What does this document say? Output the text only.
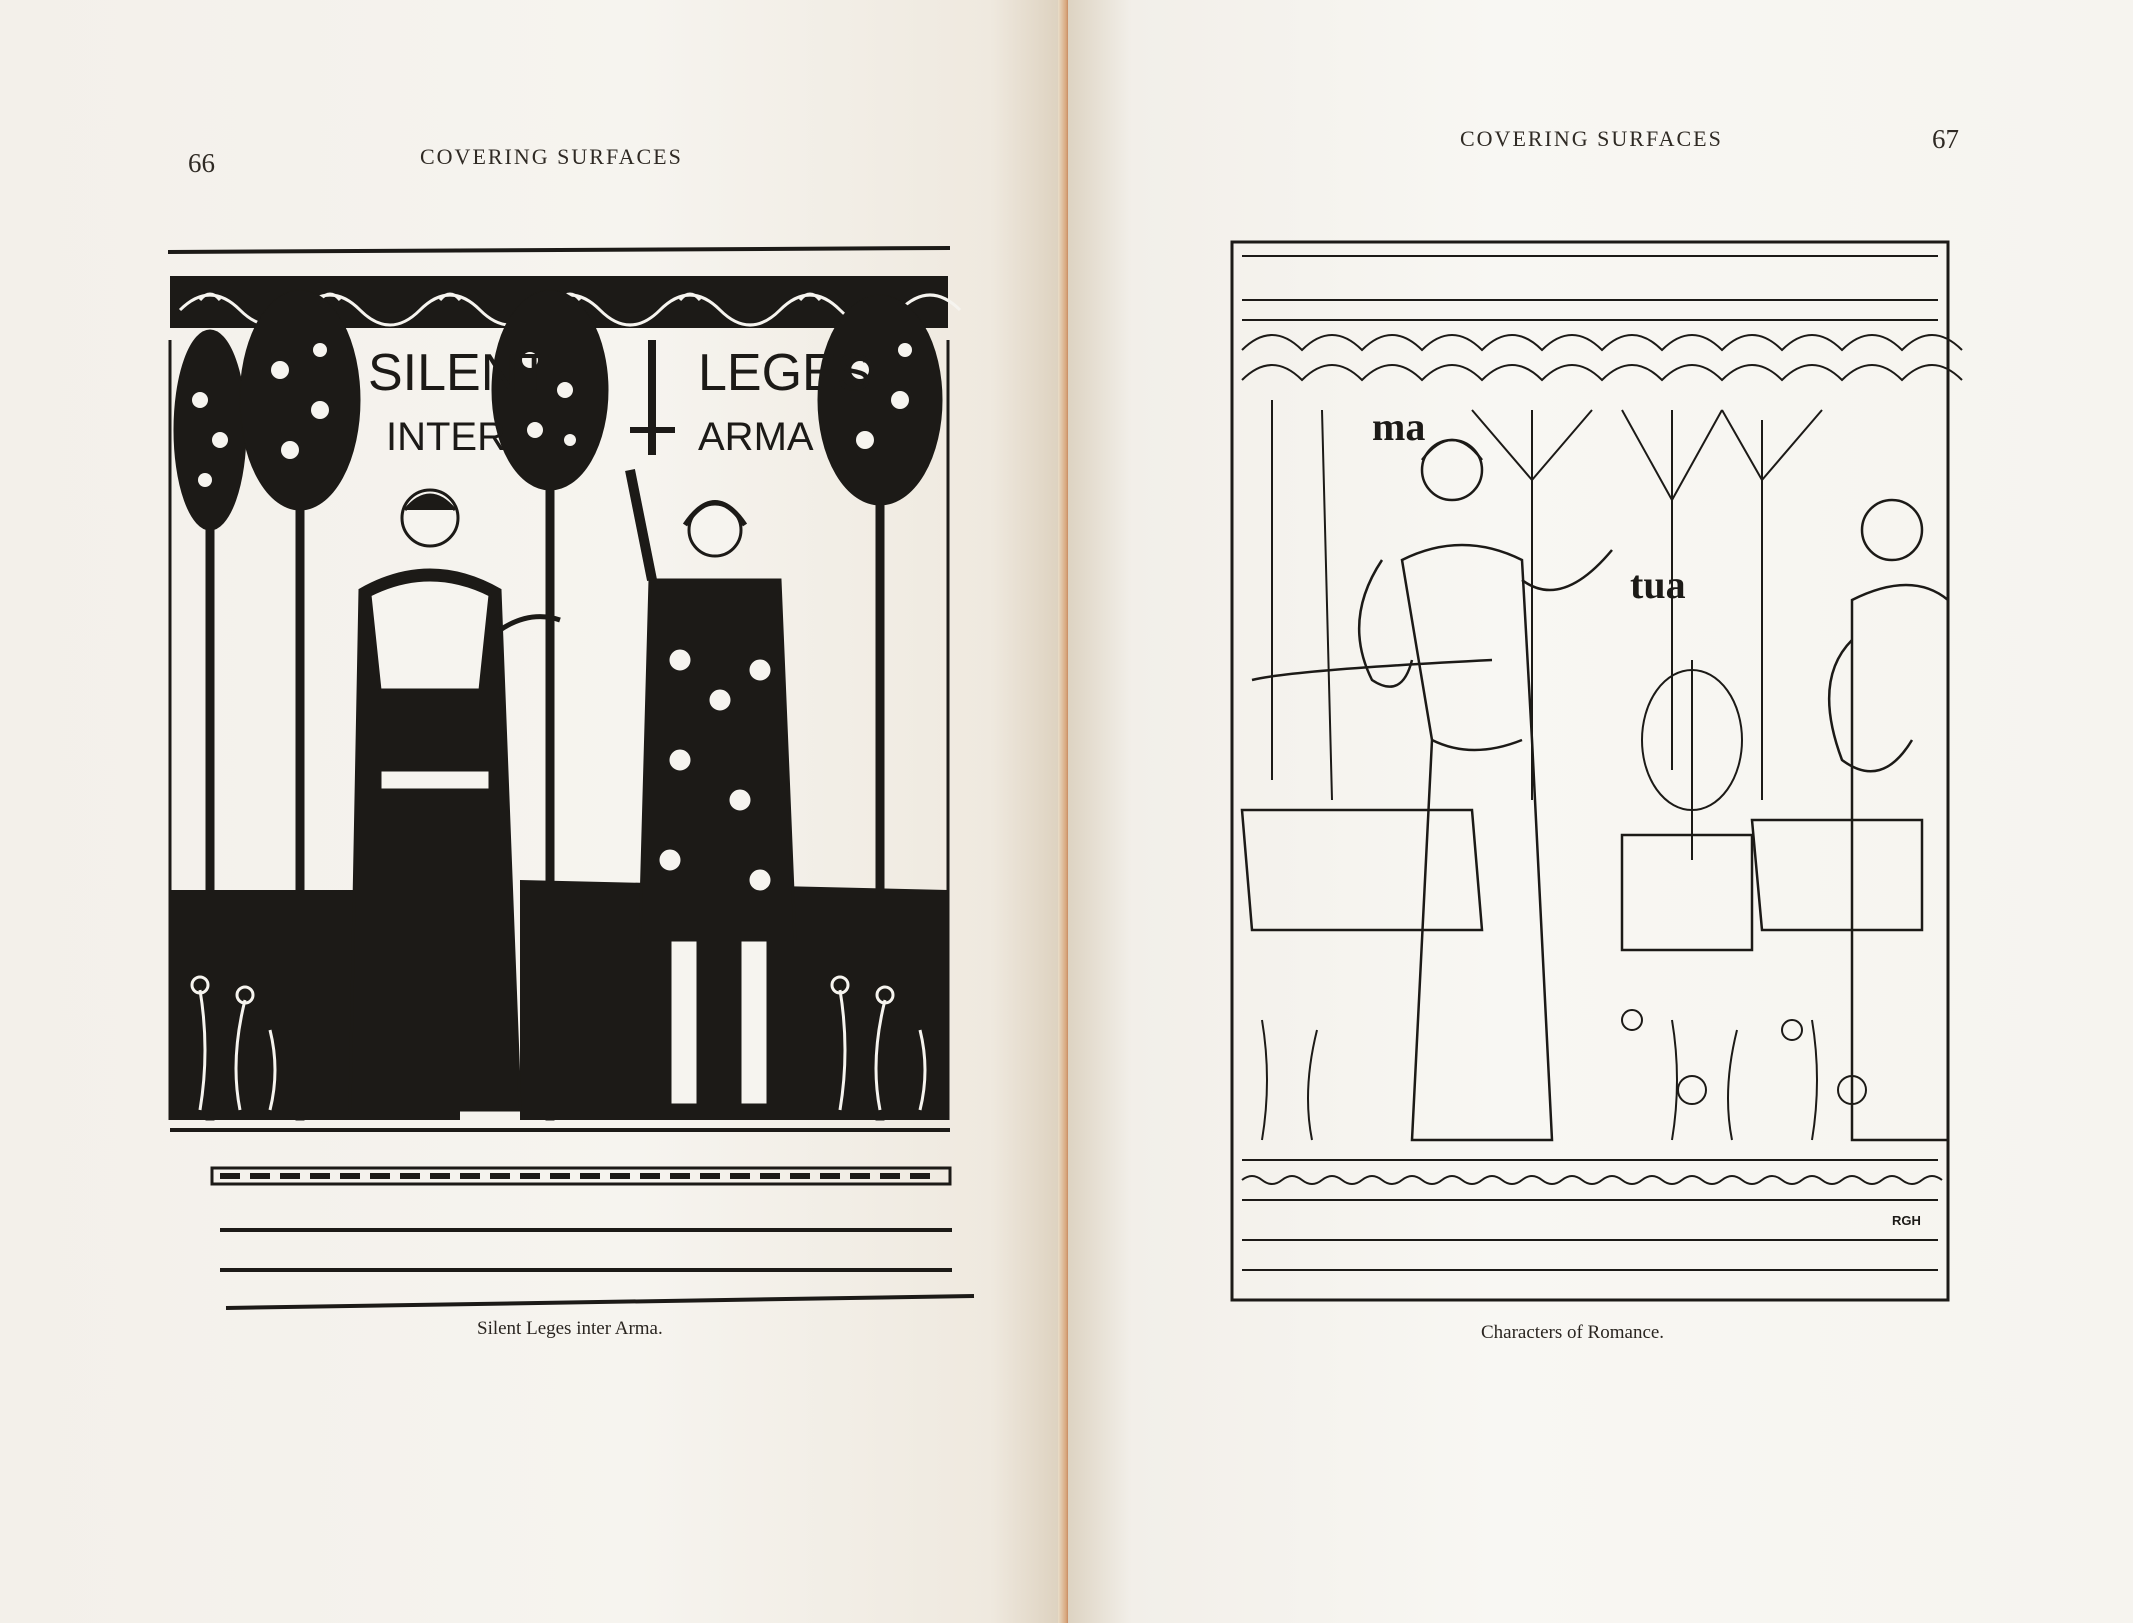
66	COVERING SURFACES
SILENT
INTER
LEGES
ARMA
Silent Leges inter Arma.
COVERING SURFACES	67
ma
tua
RGH
Characters of Romance.
